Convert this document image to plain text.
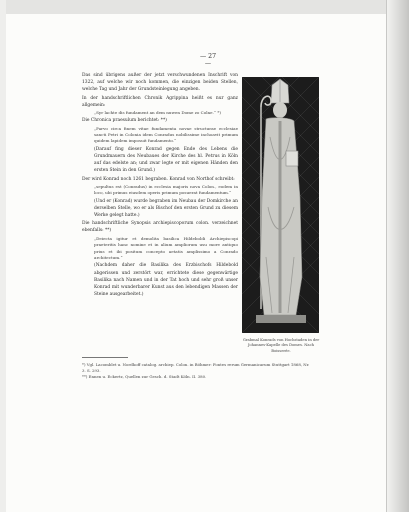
— 27 —

Das sind übrigens außer der jetzt verschwundenen Inschrift von 1322, auf welche wir noch kommen, die einzigen beiden Stellen, welche Tag und Jahr der Grundsteinlegung angeben.

In der handschriftlichen Chronik Agrippina heißt es nur ganz allgemein:

„Syr lachte dis fundament an dem nuwen Dome zo Colne.“ *)

Die Chronica praesulum berichtet: **)

„Parvo circa finem vitae fundamenta novae structurae ecclesiae sancti Petri in Colonia idem Conradus nobilissime inchoavit primum quidem lapidem imposuit fundamento.“

(Darauf fing dieser Konrad gegen Ende des Lebens die Grundmauern des Neubaues der Kirche des hl. Petrus in Köln auf das edelste an; und zwar legte er mit eigenen Händen den ersten Stein in den Grund.)

Der wird Konrad noch 1261 begraben. Konrad von Northof schreibt:

„sepultus est (Conradus) in ecclesia majoris nova Colon., eodem in loco, ubi primus eiusdem operis primum posuerat fundamentum.“

(Und er (Konrad) wurde begraben im Neubau der Domkirche an derselben Stelle, wo er als Bischof den ersten Grund zu diesem Werke gelegt hatte.)

Die handschriftliche Synopsis archiepiscoporum colon. verzeichnet ebenfalls: **)

„Deiecta igitur et demolita basilica Hildeboldi Archiepiscopi praeteritis hanc nomine et in alium ampliorum usu more antiquo prius et ibi positum concepto aetatis amplissimo a Conrado architectum.“

(Nachdem daher die Basilika des Erzbischofs Hildebold abgerissen und zerstört war, errichtete diese gegenwärtige Basilika nach Namen und in der Tat hoch und sehr groß unser Konrad mit wunderbarer Kunst aus den lebendigen Massen der Steine ausgearbeitet.)

*) Vgl. Lacomblet u. Nordhoff catalog. archiep. Colon. in Böhmer: Fontes rerum Germanicarum Stuttgart 1868, Nr. 3. S. 293.
**) Ennen u. Eckertz, Quellen zur Gesch. d. Stadt Köln. II. 380.
Grabmal Konrads von Hochstaden in der Johannes-Kapelle des Domes. Nach Boisserée.
